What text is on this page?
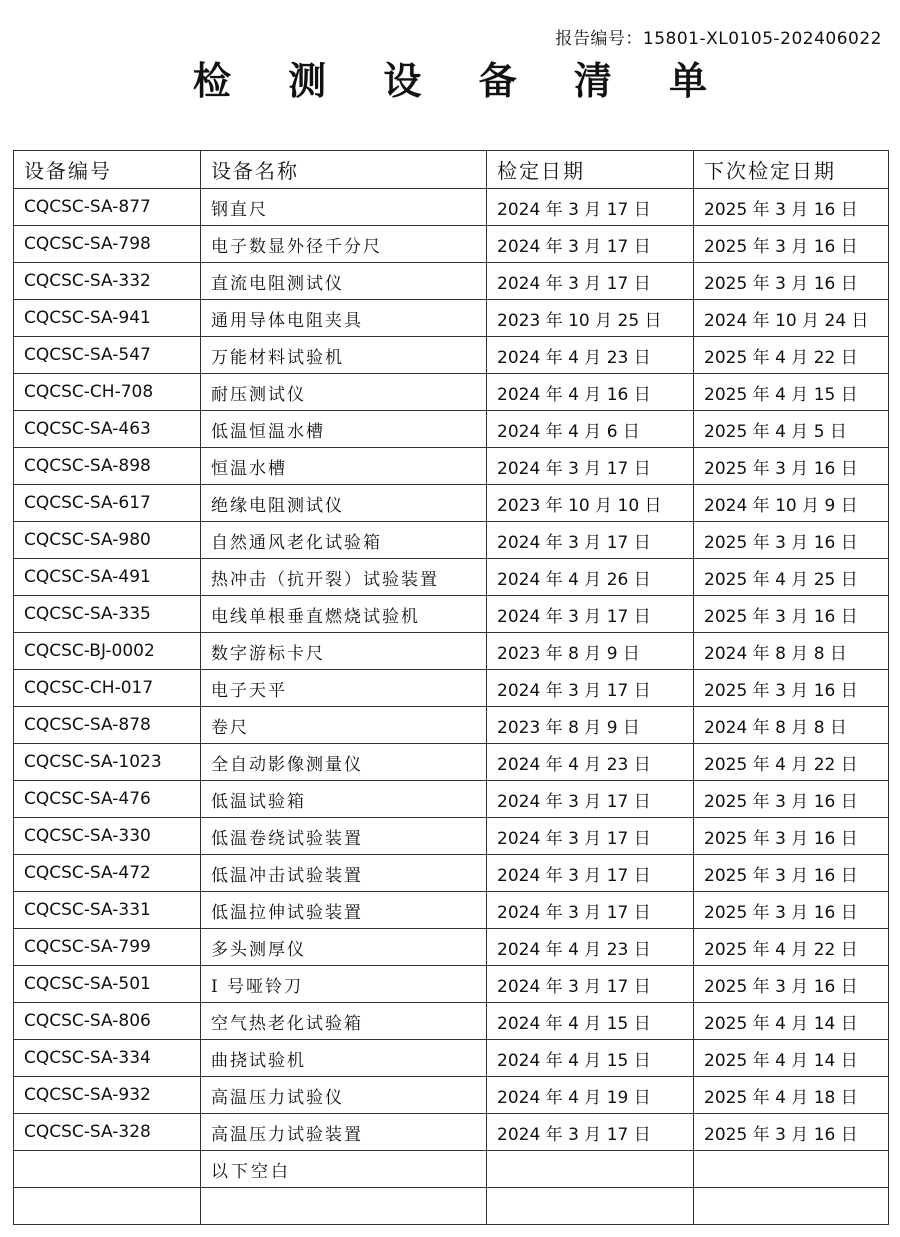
报告编号：15801-XL0105-202406022
检 测 设 备 清 单
设备编号	设备名称	检定日期	下次检定日期
CQCSC-SA-877	钢直尺	2024 年 3 月 17 日	2025 年 3 月 16 日
CQCSC-SA-798	电子数显外径千分尺	2024 年 3 月 17 日	2025 年 3 月 16 日
CQCSC-SA-332	直流电阻测试仪	2024 年 3 月 17 日	2025 年 3 月 16 日
CQCSC-SA-941	通用导体电阻夹具	2023 年 10 月 25 日	2024 年 10 月 24 日
CQCSC-SA-547	万能材料试验机	2024 年 4 月 23 日	2025 年 4 月 22 日
CQCSC-CH-708	耐压测试仪	2024 年 4 月 16 日	2025 年 4 月 15 日
CQCSC-SA-463	低温恒温水槽	2024 年 4 月 6 日	2025 年 4 月 5 日
CQCSC-SA-898	恒温水槽	2024 年 3 月 17 日	2025 年 3 月 16 日
CQCSC-SA-617	绝缘电阻测试仪	2023 年 10 月 10 日	2024 年 10 月 9 日
CQCSC-SA-980	自然通风老化试验箱	2024 年 3 月 17 日	2025 年 3 月 16 日
CQCSC-SA-491	热冲击（抗开裂）试验装置	2024 年 4 月 26 日	2025 年 4 月 25 日
CQCSC-SA-335	电线单根垂直燃烧试验机	2024 年 3 月 17 日	2025 年 3 月 16 日
CQCSC-BJ-0002	数字游标卡尺	2023 年 8 月 9 日	2024 年 8 月 8 日
CQCSC-CH-017	电子天平	2024 年 3 月 17 日	2025 年 3 月 16 日
CQCSC-SA-878	卷尺	2023 年 8 月 9 日	2024 年 8 月 8 日
CQCSC-SA-1023	全自动影像测量仪	2024 年 4 月 23 日	2025 年 4 月 22 日
CQCSC-SA-476	低温试验箱	2024 年 3 月 17 日	2025 年 3 月 16 日
CQCSC-SA-330	低温卷绕试验装置	2024 年 3 月 17 日	2025 年 3 月 16 日
CQCSC-SA-472	低温冲击试验装置	2024 年 3 月 17 日	2025 年 3 月 16 日
CQCSC-SA-331	低温拉伸试验装置	2024 年 3 月 17 日	2025 年 3 月 16 日
CQCSC-SA-799	多头测厚仪	2024 年 4 月 23 日	2025 年 4 月 22 日
CQCSC-SA-501	I 号哑铃刀	2024 年 3 月 17 日	2025 年 3 月 16 日
CQCSC-SA-806	空气热老化试验箱	2024 年 4 月 15 日	2025 年 4 月 14 日
CQCSC-SA-334	曲挠试验机	2024 年 4 月 15 日	2025 年 4 月 14 日
CQCSC-SA-932	高温压力试验仪	2024 年 4 月 19 日	2025 年 4 月 18 日
CQCSC-SA-328	高温压力试验装置	2024 年 3 月 17 日	2025 年 3 月 16 日
	以下空白		
